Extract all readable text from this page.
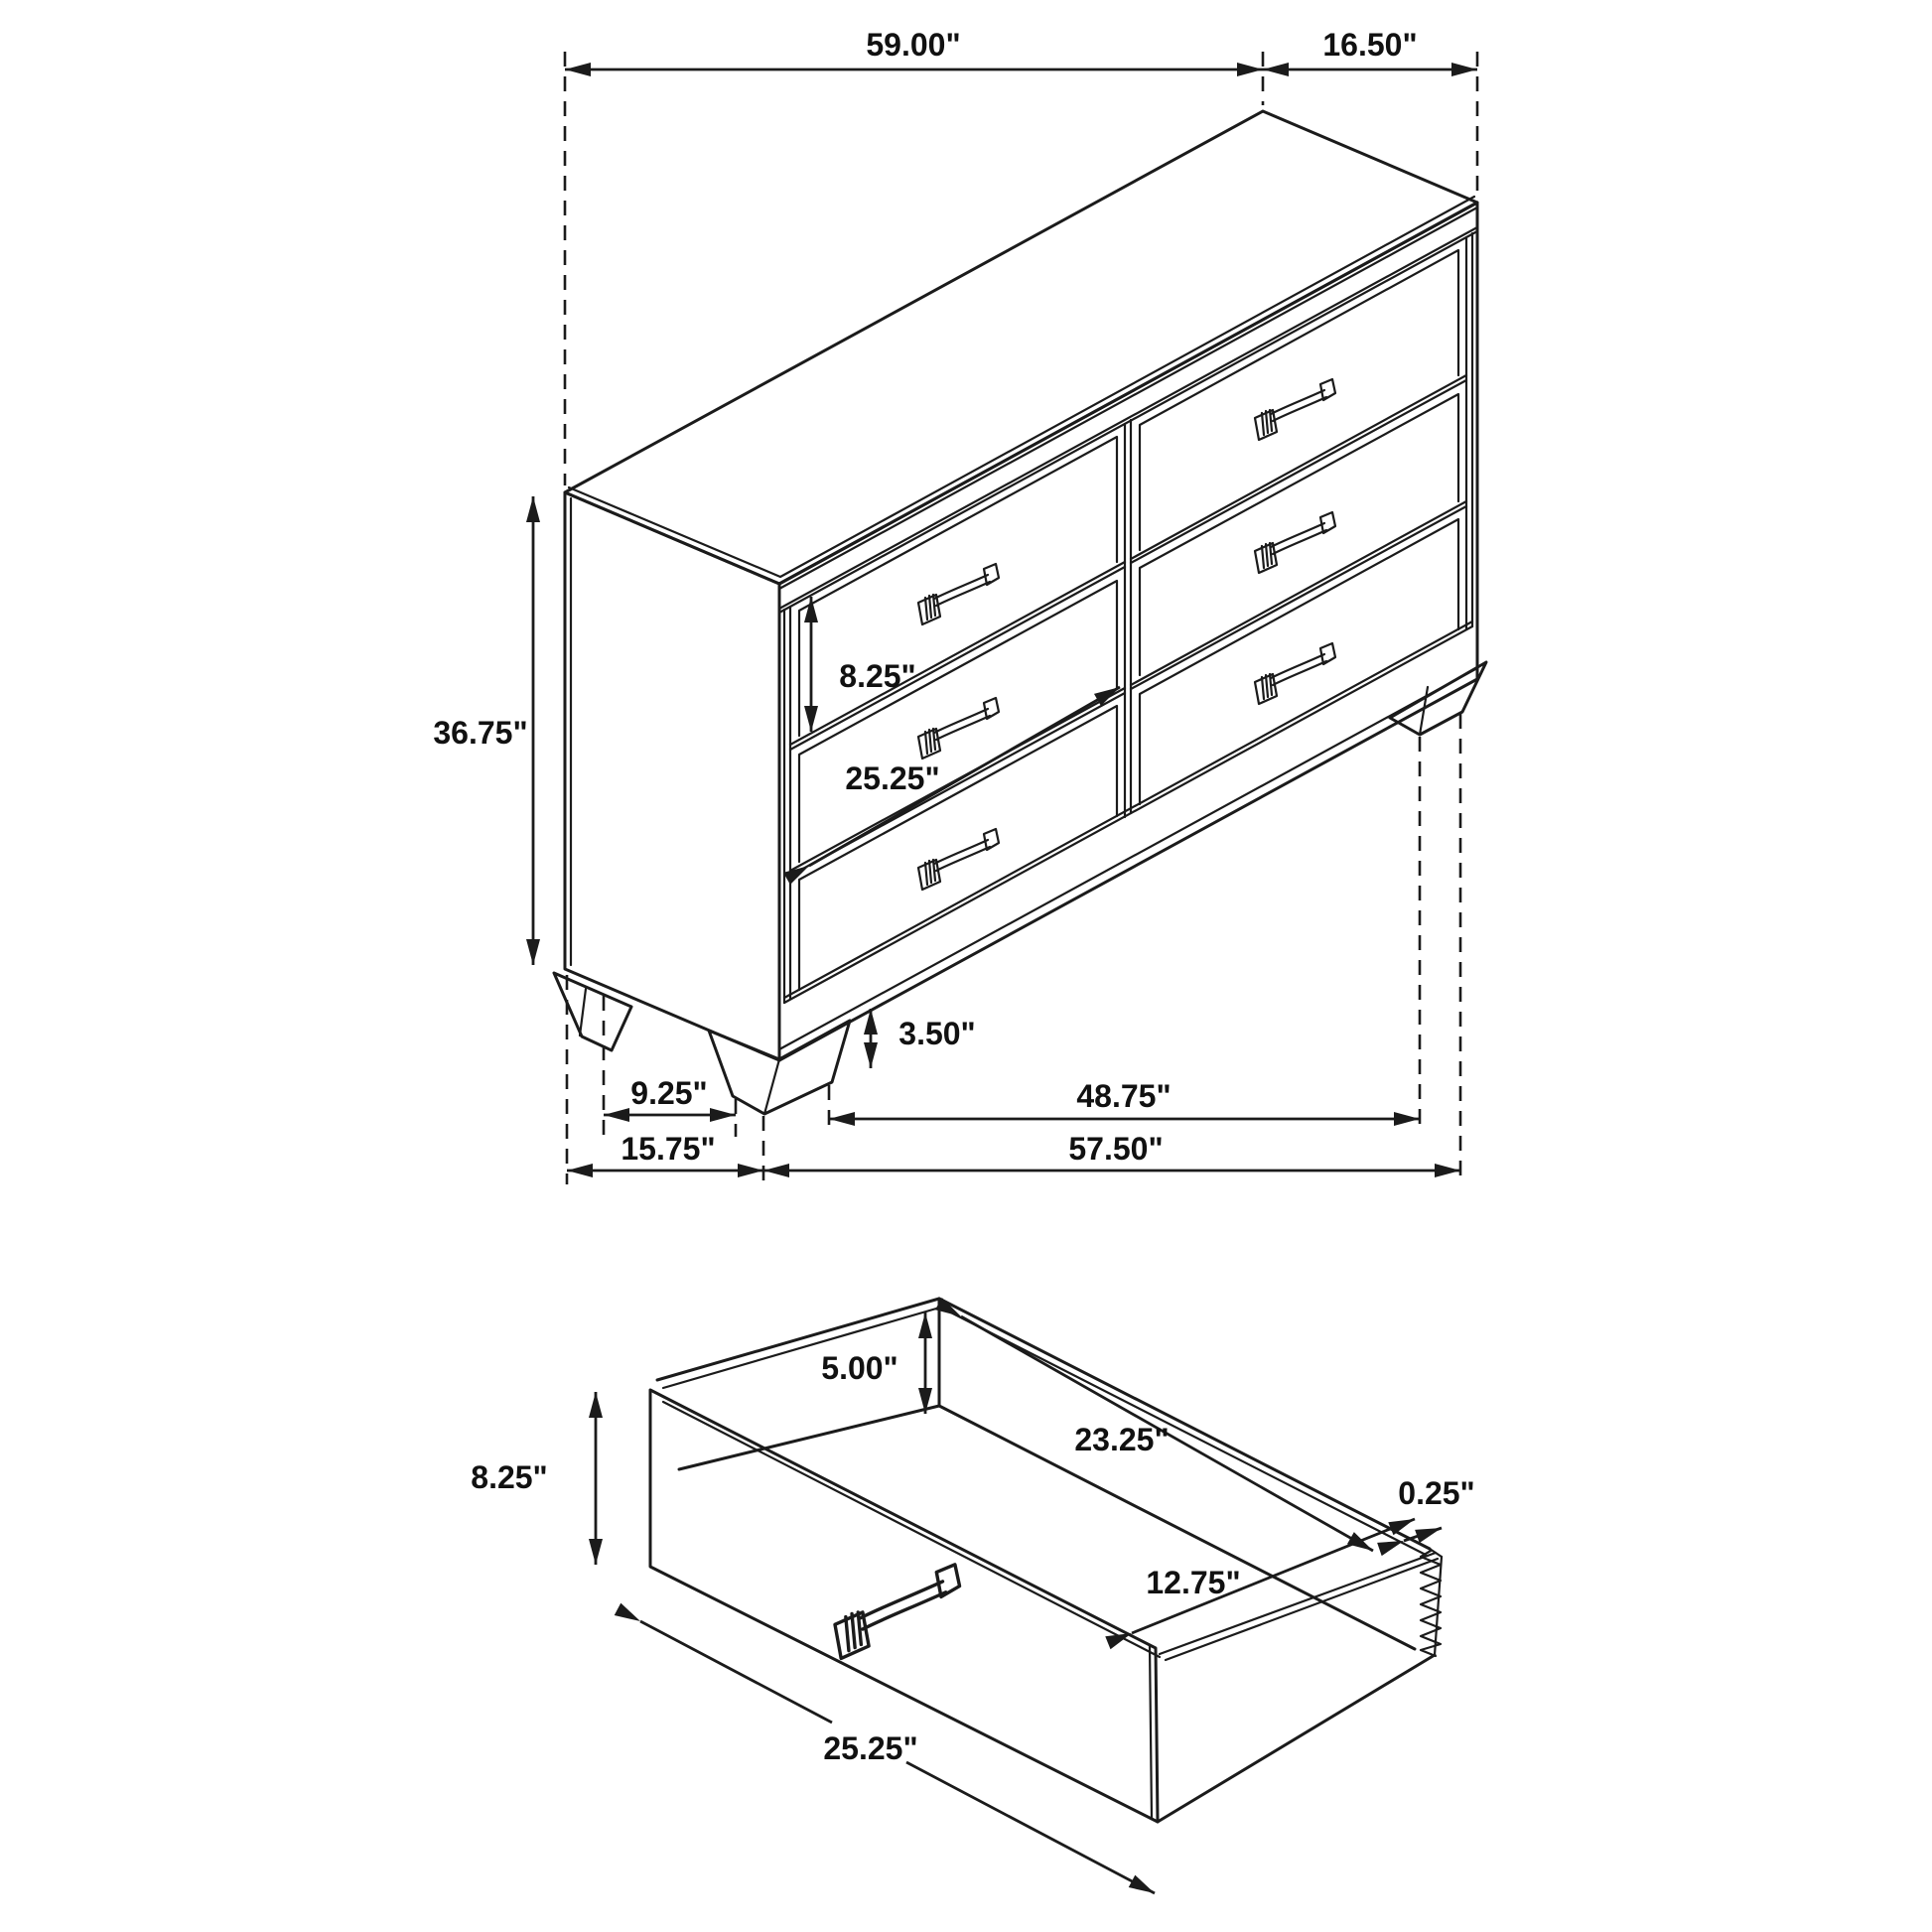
59.00"	16.50"
36.75"
8.25"
25.25"
3.50"
9.25"	48.75"
15.75"	57.50"
5.00"
8.25"
23.25"
0.25"
12.75"
25.25"
